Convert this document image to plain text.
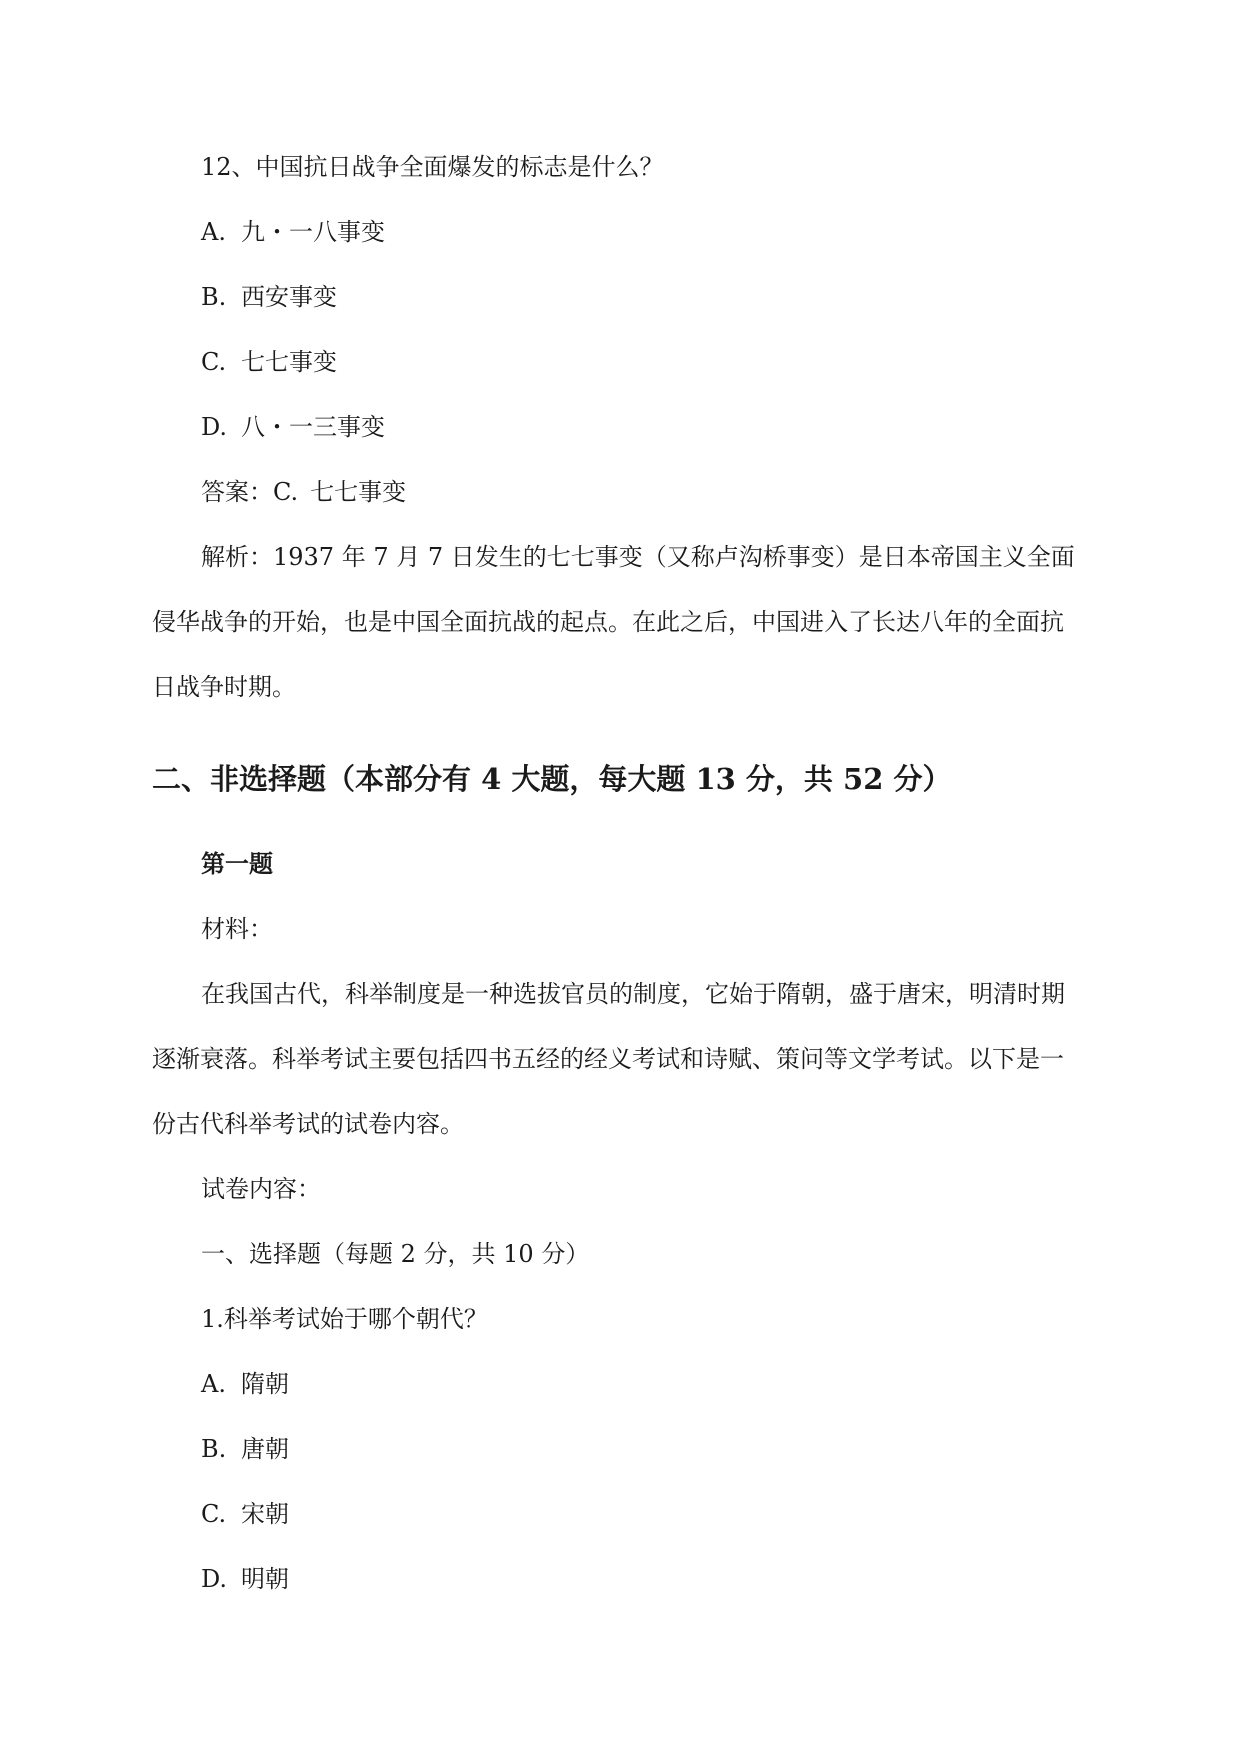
12、中国抗日战争全面爆发的标志是什么？
A. 九・一八事变
B. 西安事变
C. 七七事变
D. 八・一三事变
答案：C. 七七事变
解析：1937 年 7 月 7 日发生的七七事变（又称卢沟桥事变）是日本帝国主义全面
侵华战争的开始，也是中国全面抗战的起点。在此之后，中国进入了长达八年的全面抗
日战争时期。
二、非选择题（本部分有 4 大题，每大题 13 分，共 52 分）
第一题
材料：
在我国古代，科举制度是一种选拔官员的制度，它始于隋朝，盛于唐宋，明清时期
逐渐衰落。科举考试主要包括四书五经的经义考试和诗赋、策问等文学考试。以下是一
份古代科举考试的试卷内容。
试卷内容：
一、选择题（每题 2 分，共 10 分）
1.科举考试始于哪个朝代？
A. 隋朝
B. 唐朝
C. 宋朝
D. 明朝
